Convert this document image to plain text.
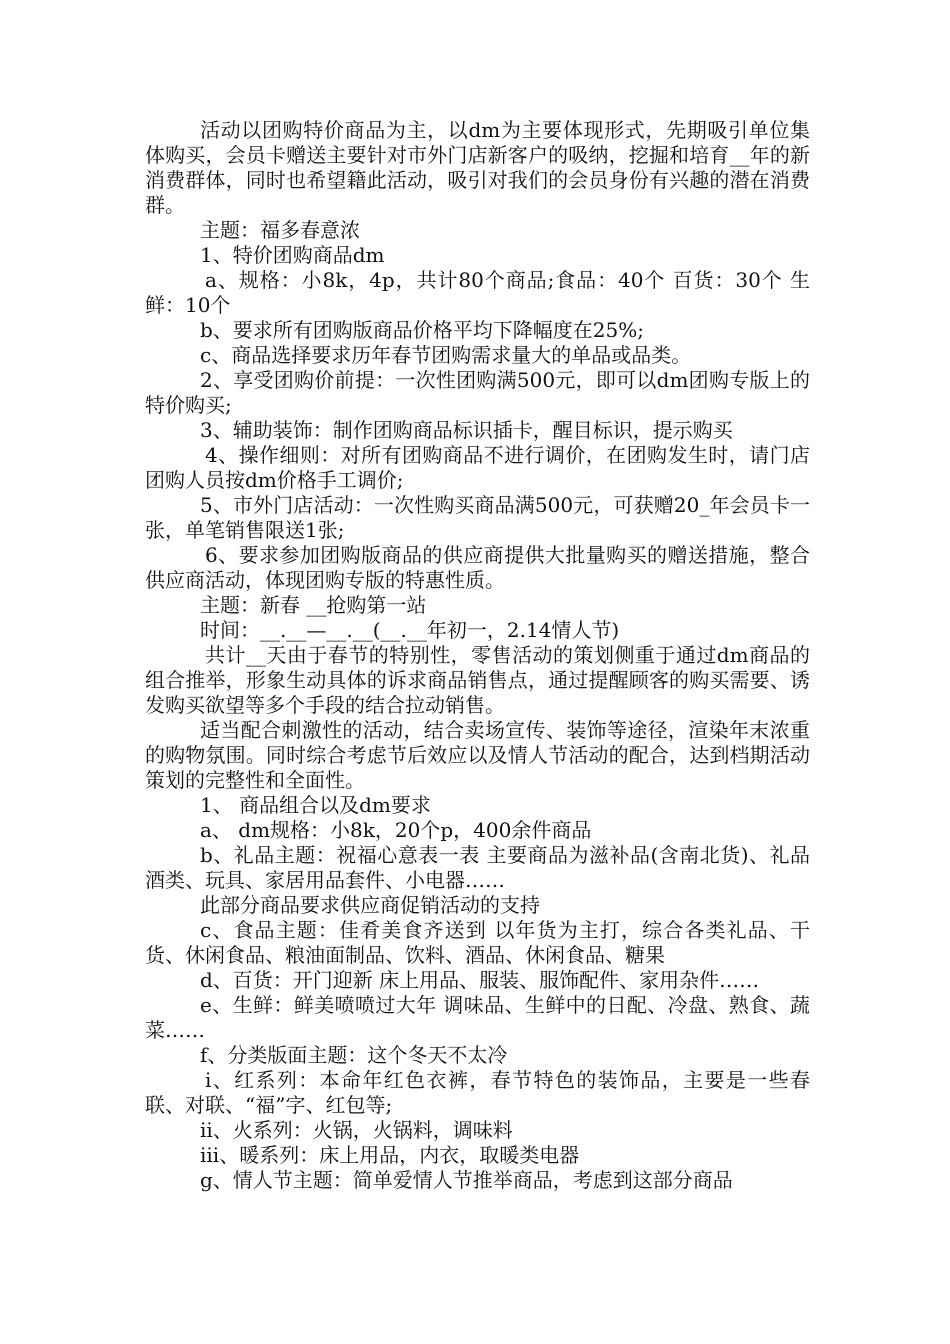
活动以团购特价商品为主，以dm为主要体现形式，先期吸引单位集体购买，会员卡赠送主要针对市外门店新客户的吸纳，挖掘和培育__年的新消费群体，同时也希望籍此活动，吸引对我们的会员身份有兴趣的潜在消费群。

主题：福多春意浓

1、特价团购商品dm

a、规格：小8k，4p，共计80个商品;食品：40个 百货：30个 生鲜：10个

b、要求所有团购版商品价格平均下降幅度在25%;

c、商品选择要求历年春节团购需求量大的单品或品类。

2、享受团购价前提：一次性团购满500元，即可以dm团购专版上的特价购买;

3、辅助装饰：制作团购商品标识插卡，醒目标识，提示购买

4、操作细则：对所有团购商品不进行调价，在团购发生时，请门店团购人员按dm价格手工调价;

5、市外门店活动：一次性购买商品满500元，可获赠20_年会员卡一张，单笔销售限送1张;

6、要求参加团购版商品的供应商提供大批量购买的赠送措施，整合供应商活动，体现团购专版的特惠性质。

主题：新春 __抢购第一站

时间：__.__—__.__(__.__年初一，2.14情人节)

共计__天由于春节的特别性，零售活动的策划侧重于通过dm商品的组合推举，形象生动具体的诉求商品销售点，通过提醒顾客的购买需要、诱发购买欲望等多个手段的结合拉动销售。

适当配合刺激性的活动，结合卖场宣传、装饰等途径，渲染年末浓重的购物氛围。同时综合考虑节后效应以及情人节活动的配合，达到档期活动策划的完整性和全面性。

1、 商品组合以及dm要求

a、 dm规格：小8k，20个p，400余件商品

b、礼品主题：祝福心意表一表 主要商品为滋补品(含南北货)、礼品酒类、玩具、家居用品套件、小电器……

此部分商品要求供应商促销活动的支持

c、食品主题：佳肴美食齐送到 以年货为主打，综合各类礼品、干货、休闲食品、粮油面制品、饮料、酒品、休闲食品、糖果

d、百货：开门迎新 床上用品、服装、服饰配件、家用杂件……

e、生鲜：鲜美喷喷过大年 调味品、生鲜中的日配、冷盘、熟食、蔬菜……

f、分类版面主题：这个冬天不太冷

i、红系列：本命年红色衣裤，春节特色的装饰品，主要是一些春联、对联、“福”字、红包等;

ii、火系列：火锅，火锅料，调味料

iii、暖系列：床上用品，内衣，取暖类电器

g、情人节主题：简单爱情人节推举商品，考虑到这部分商品
